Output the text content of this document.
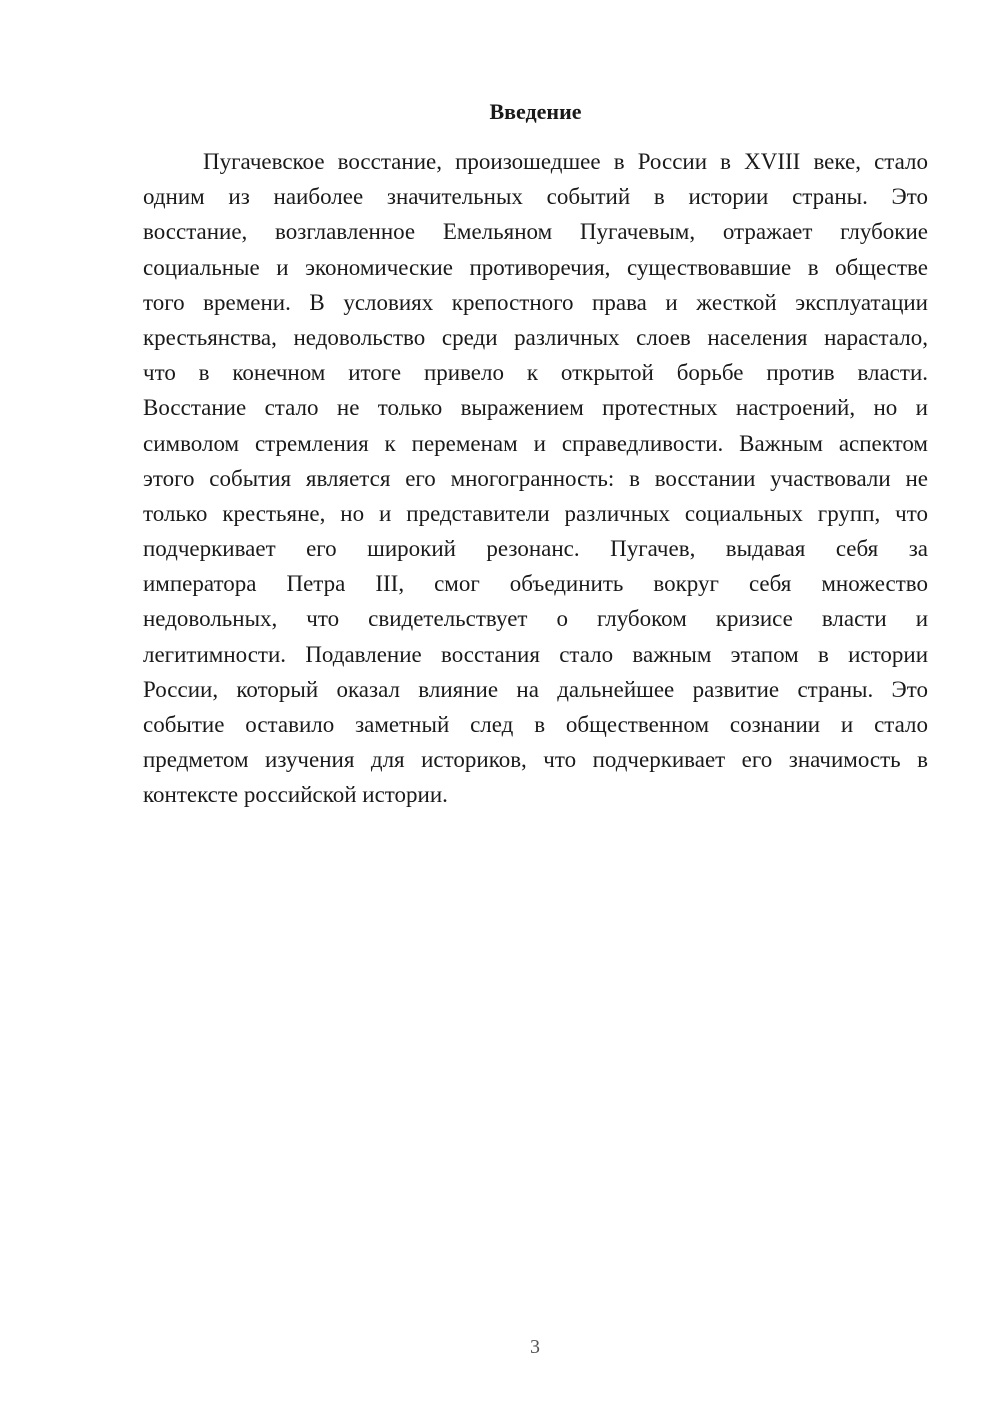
Введение
Пугачевское восстание, произошедшее в России в XVIII веке, стало
одним из наиболее значительных событий в истории страны. Это
восстание, возглавленное Емельяном Пугачевым, отражает глубокие
социальные и экономические противоречия, существовавшие в обществе
того времени. В условиях крепостного права и жесткой эксплуатации
крестьянства, недовольство среди различных слоев населения нарастало,
что в конечном итоге привело к открытой борьбе против власти.
Восстание стало не только выражением протестных настроений, но и
символом стремления к переменам и справедливости. Важным аспектом
этого события является его многогранность: в восстании участвовали не
только крестьяне, но и представители различных социальных групп, что
подчеркивает его широкий резонанс. Пугачев, выдавая себя за
императора Петра III, смог объединить вокруг себя множество
недовольных, что свидетельствует о глубоком кризисе власти и
легитимности. Подавление восстания стало важным этапом в истории
России, который оказал влияние на дальнейшее развитие страны. Это
событие оставило заметный след в общественном сознании и стало
предметом изучения для историков, что подчеркивает его значимость в
контексте российской истории.
3
